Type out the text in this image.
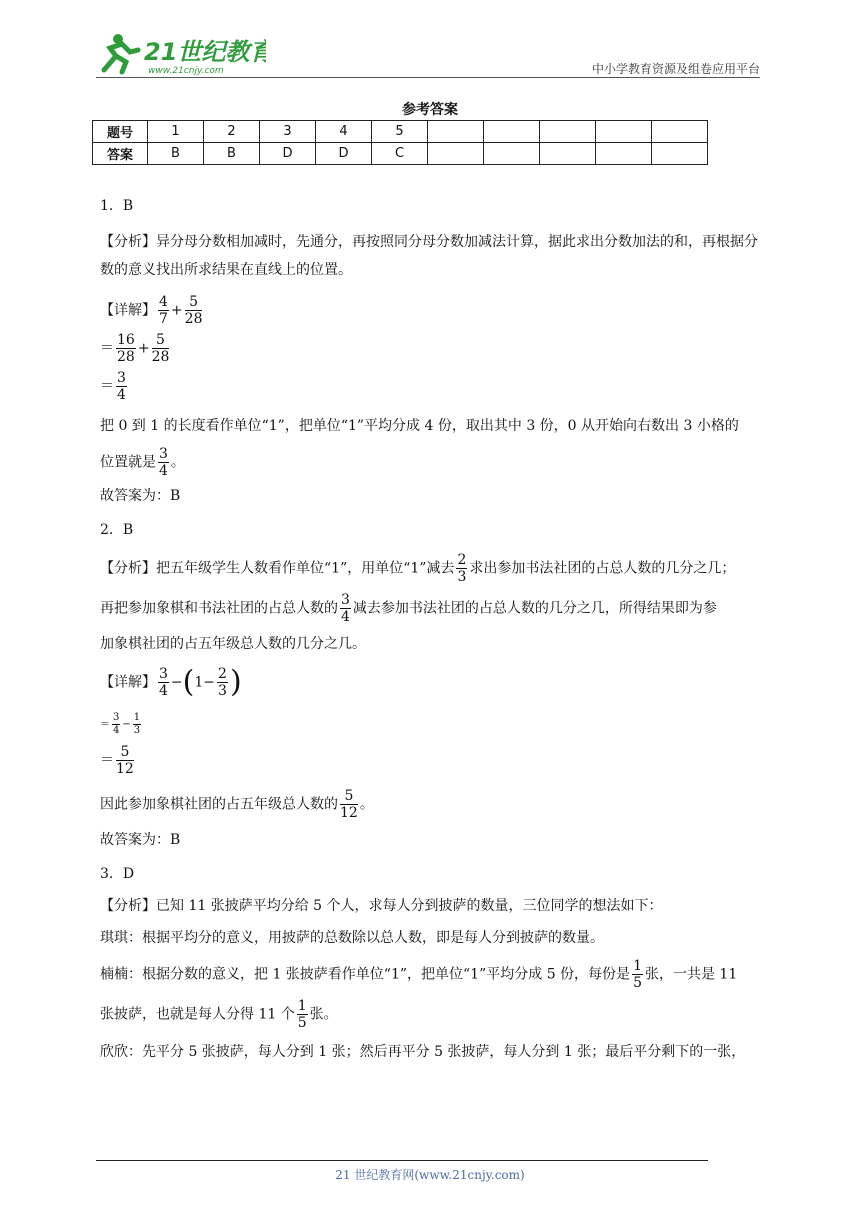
21世纪教育
www.21cnjy.com	中小学教育资源及组卷应用平台
参考答案
题号	1	2	3	4	5					
答案	B	B	D	D	C					

1．B

【分析】异分母分数相加减时，先通分，再按照同分母分数加减法计算，据此求出分数加法的和，再根据分数的意义找出所求结果在直线上的位置。

【详解】 $\frac{4}{7} + \frac{5}{28}$
＝ $\frac{16}{28} + \frac{5}{28}$
＝ $\frac{3}{4}$

把 0 到 1 的长度看作单位“1”，把单位“1”平均分成 4 份，取出其中 3 份，0 从开始向右数出 3 小格的

位置就是 $\frac{3}{4}$ 。

故答案为：B

2．B

【分析】把五年级学生人数看作单位“1”，用单位“1”减去 $\frac{2}{3}$ 求出参加书法社团的占总人数的几分之几；
再把参加象棋和书法社团的占总人数的 $\frac{3}{4}$ 减去参加书法社团的占总人数的几分之几，所得结果即为参

加象棋社团的占五年级总人数的几分之几。

【详解】 $\frac{3}{4} -(1- \frac{2}{3}$ )
＝ $\frac{3}{4} - \frac{1}{3}$
＝ $\frac{5}{12}$
因此参加象棋社团的占五年级总人数的 $\frac{5}{12}$ 。

故答案为：B

3．D

【分析】已知 11 张披萨平均分给 5 个人，求每人分到披萨的数量，三位同学的想法如下：

琪琪：根据平均分的意义，用披萨的总数除以总人数，即是每人分到披萨的数量。

楠楠：根据分数的意义，把 1 张披萨看作单位“1”，把单位“1”平均分成 5 份，每份是 $\frac{1}{5}$ 张，一共是 11
张披萨，也就是每人分得 11 个 $\frac{1}{5}$ 张。

欣欣：先平分 5 张披萨，每人分到 1 张；然后再平分 5 张披萨，每人分到 1 张；最后平分剩下的一张，

21 世纪教育网(www.21cnjy.com)
